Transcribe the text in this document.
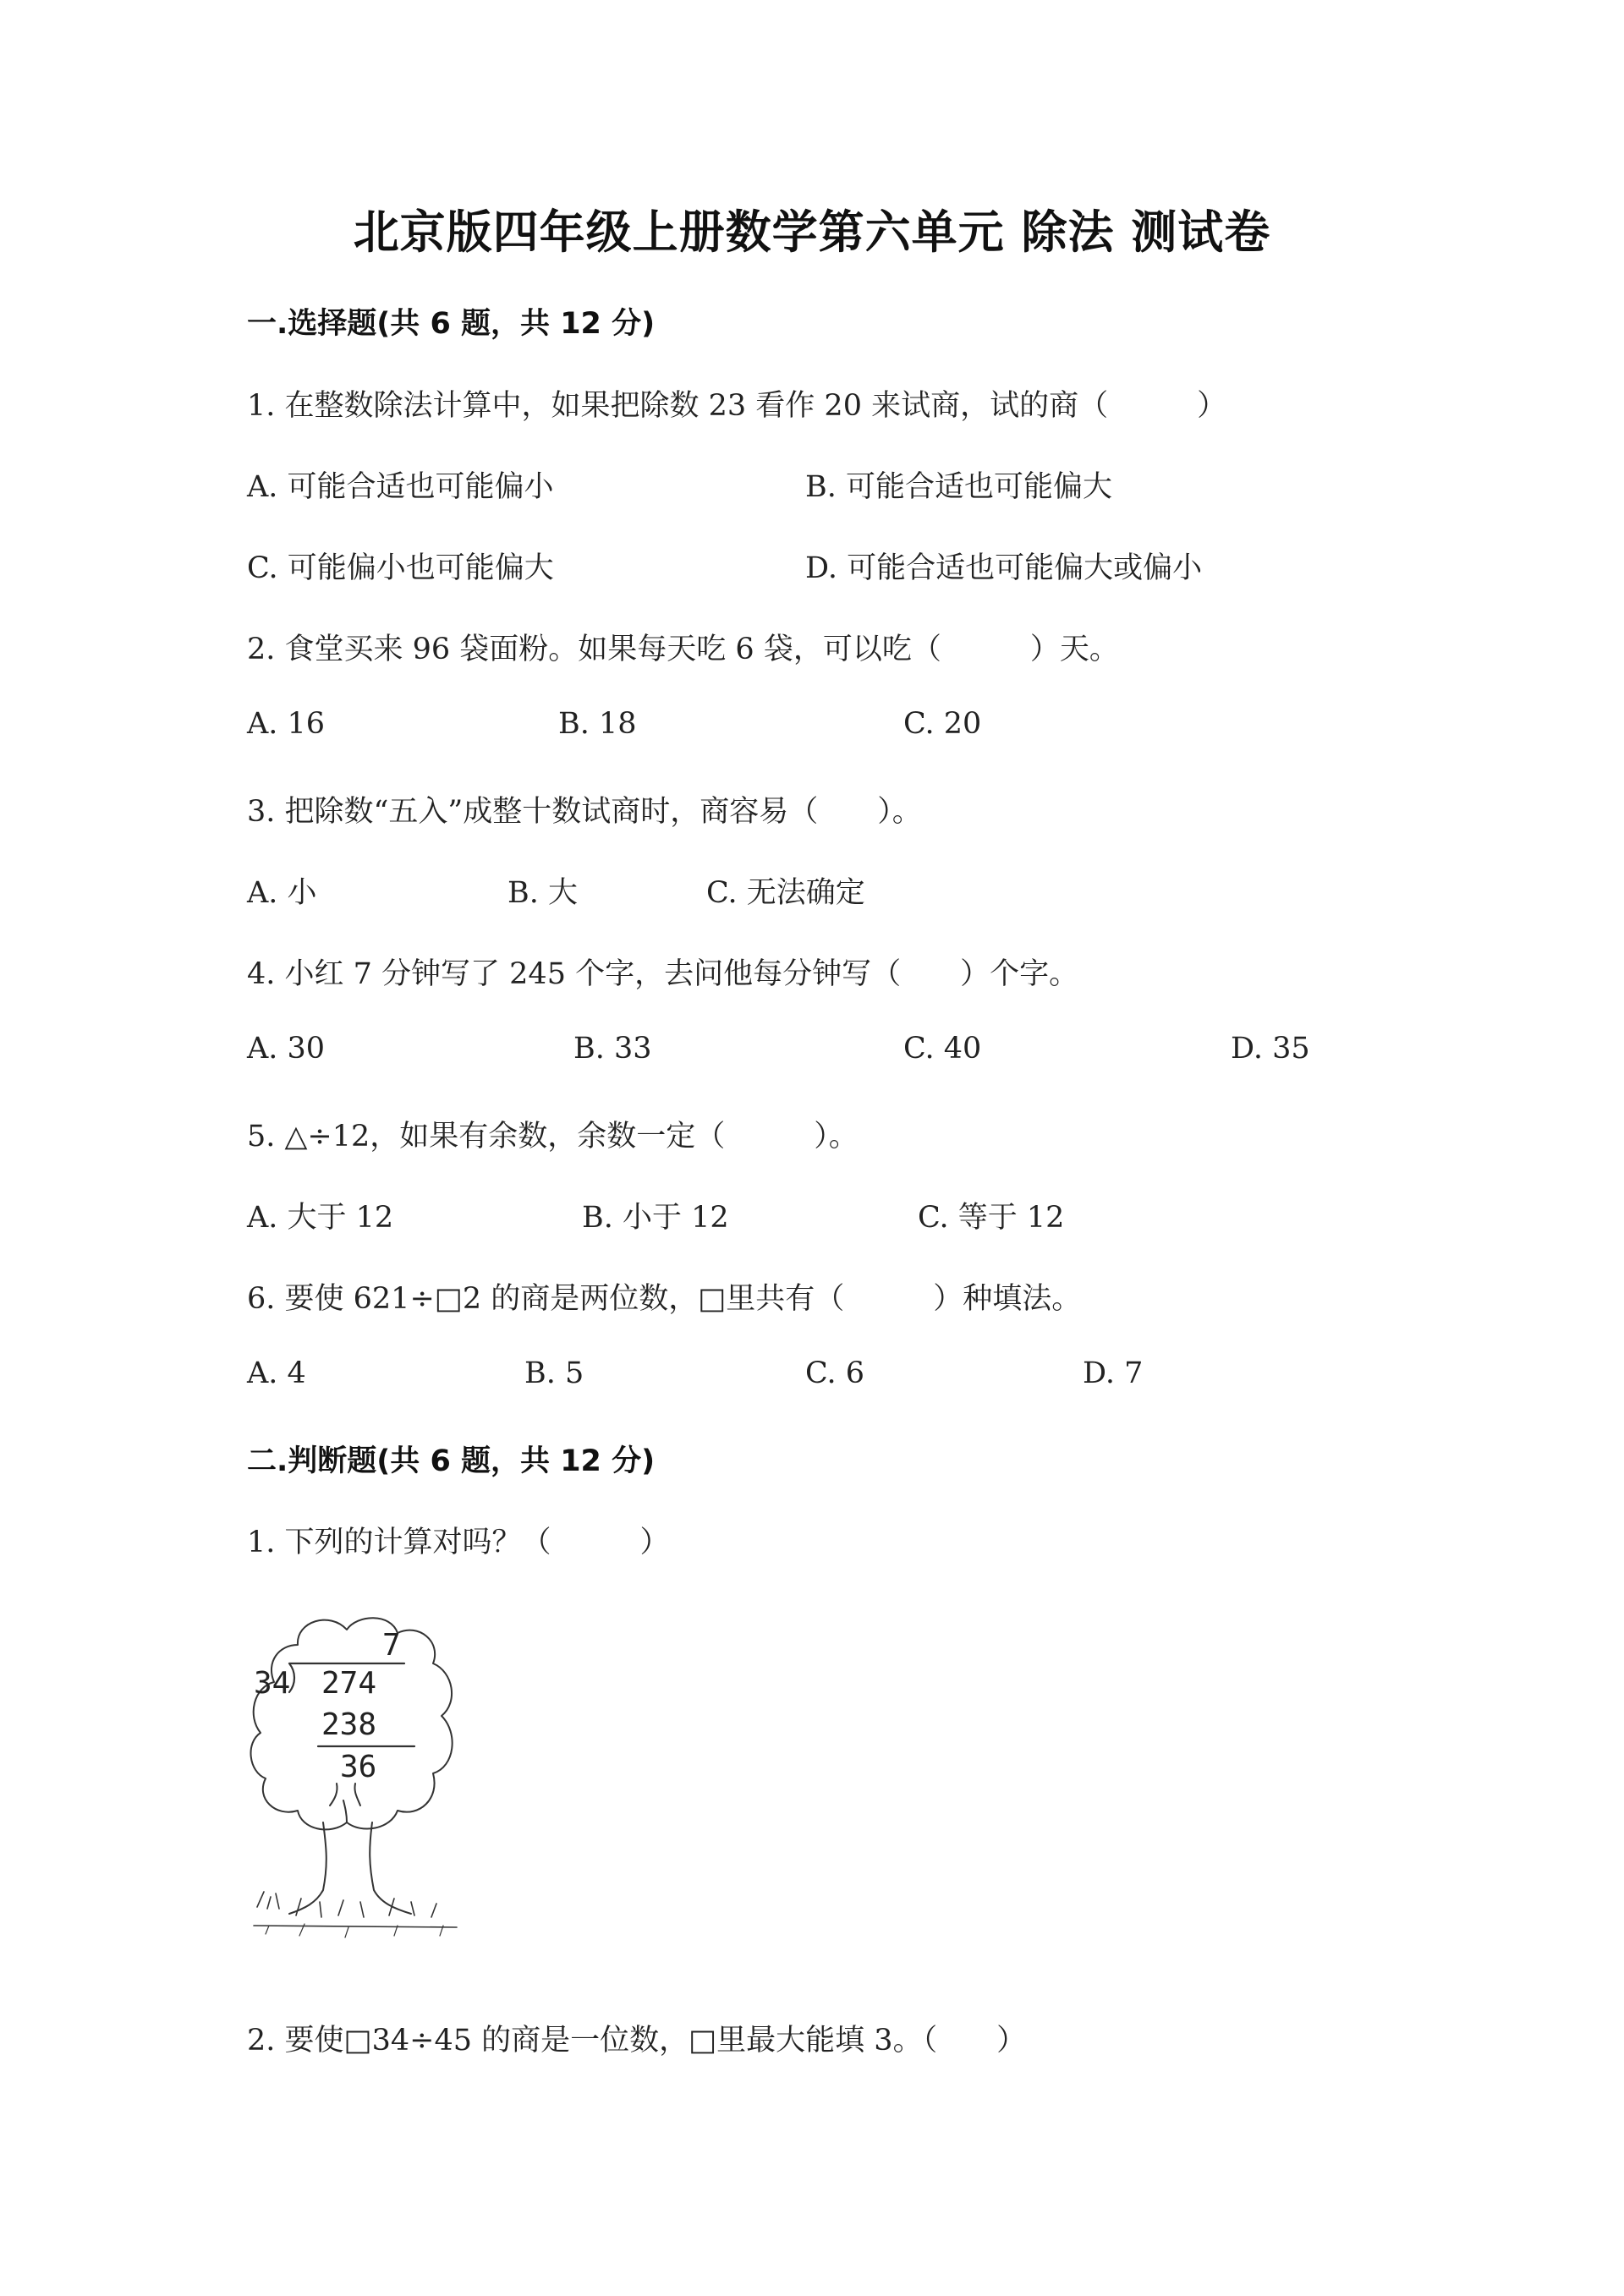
北京版四年级上册数学第六单元 除法 测试卷
一.选择题(共 6 题，共 12 分)
1. 在整数除法计算中，如果把除数 23 看作 20 来试商，试的商（　　　）
A. 可能合适也可能偏小	B. 可能合适也可能偏大
C. 可能偏小也可能偏大	D. 可能合适也可能偏大或偏小
2. 食堂买来 96 袋面粉。如果每天吃 6 袋，可以吃（　　　）天。
A. 16	B. 18	C. 20
3. 把除数“五入”成整十数试商时，商容易（　　）。
A. 小	B. 大	C. 无法确定
4. 小红 7 分钟写了 245 个字，去问他每分钟写（　　）个字。
A. 30	B. 33	C. 40	D. 35
5. △÷12，如果有余数，余数一定（　　　）。
A. 大于 12	B. 小于 12	C. 等于 12
6. 要使 621÷□2 的商是两位数，□里共有（　　　）种填法。
A. 4	B. 5	C. 6	D. 7
二.判断题(共 6 题，共 12 分)
1. 下列的计算对吗？（　　　）
7
34 274
238
36
2. 要使□34÷45 的商是一位数，□里最大能填 3。（　　）
